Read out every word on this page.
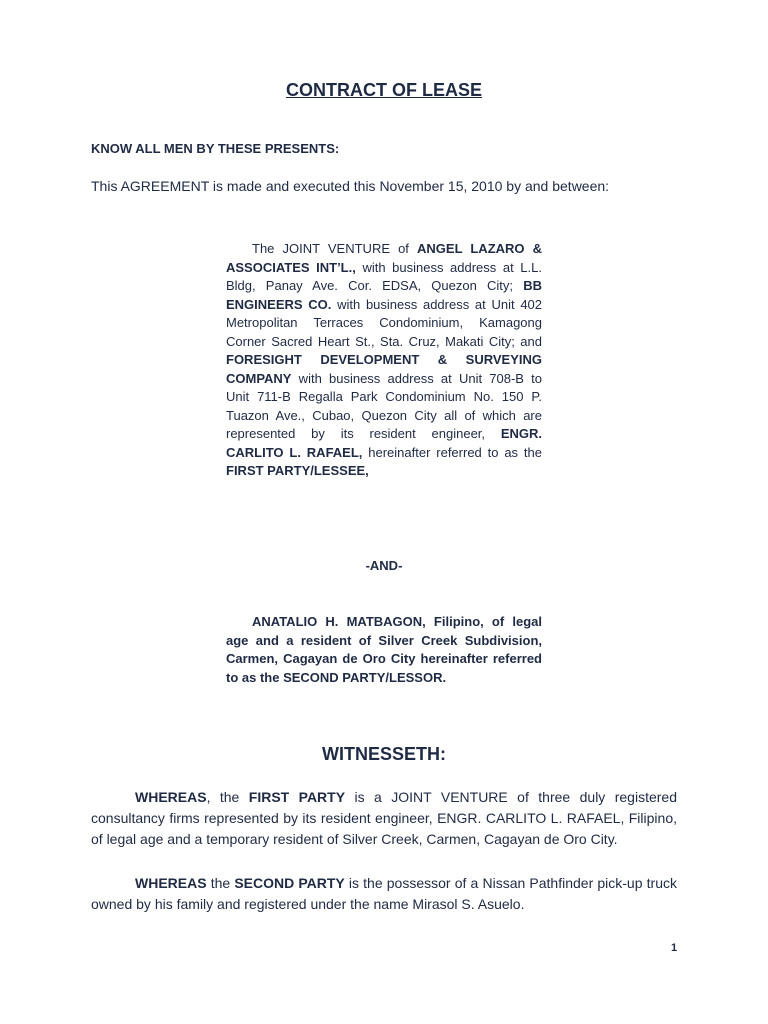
CONTRACT OF LEASE
KNOW ALL MEN BY THESE PRESENTS:
This AGREEMENT is made and executed this November 15, 2010 by and between:
The JOINT VENTURE of ANGEL LAZARO & ASSOCIATES INT’L., with business address at L.L. Bldg, Panay Ave. Cor. EDSA, Quezon City; BB ENGINEERS CO. with business address at Unit 402 Metropolitan Terraces Condominium, Kamagong Corner Sacred Heart St., Sta. Cruz, Makati City; and FORESIGHT DEVELOPMENT & SURVEYING COMPANY with business address at Unit 708-B to Unit 711-B Regalla Park Condominium No. 150 P. Tuazon Ave., Cubao, Quezon City all of which are represented by its resident engineer, ENGR. CARLITO L. RAFAEL, hereinafter referred to as the FIRST PARTY/LESSEE,
-AND-
ANATALIO H. MATBAGON, Filipino, of legal age and a resident of Silver Creek Subdivision, Carmen, Cagayan de Oro City hereinafter referred to as the SECOND PARTY/LESSOR.
WITNESSETH:
WHEREAS, the FIRST PARTY is a JOINT VENTURE of three duly registered consultancy firms represented by its resident engineer, ENGR. CARLITO L. RAFAEL, Filipino, of legal age and a temporary resident of Silver Creek, Carmen, Cagayan de Oro City.
WHEREAS the SECOND PARTY is the possessor of a Nissan Pathfinder pick-up truck owned by his family and registered under the name Mirasol S. Asuelo.
1
